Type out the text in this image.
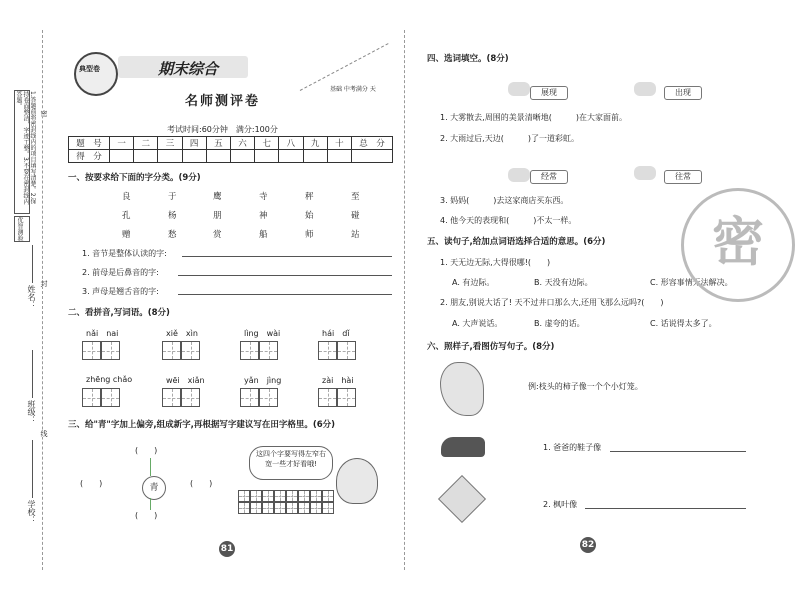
1.答题前将密封线内的项目填写清楚。2.保持卷面整洁，字迹工整。3.不要在密封线内答题。
优智测验
密
封
线
姓名：
班级：
学校：
典型卷	期末综合
基础 中考满分 天
名师测评卷
考试时间:60分钟　满分:100分
题　号	一	二	三	四	五	六	七	八	九	十	总　分
得　分											
一、按要求给下面的字分类。(9分)
良	于	鹰	寺	秤	至
孔	杨	朋	神	始	碰
赠	愁	赏	船	师	站
1. 音节是整体认读的字:
2. 前母是后鼻音的字:
3. 声母是翘舌音的字:
二、看拼音,写词语。(8分)
nǎi　nai	xiě　xìn	lìng　wài	hái　dǐ
zhēng chǎo	wēi　xiǎn	yǎn　jìng	zài　hài
三、给"青"字加上偏旁,组成新字,再根据写字建议写在田字格里。(6分)
青
(　　)
(　　)	(　　)
(　　)
这四个字要写得左窄右宽一些才好看哦!
81
四、选词填空。(8分)
展现	出现
1. 大雾散去,周围的美景清晰地(　　　)在大家面前。
2. 大雨过后,天边(　　　)了一道彩虹。
经常	往常
3. 妈妈(　　　)去这家商店买东西。
4. 他今天的表现和(　　　)不太一样。
五、读句子,给加点词语选择合适的意思。(6分)
1. 天无边无际,大得很哪!(　　)
A. 有边际。	B. 天没有边际。	C. 形容事情无法解决。
2. 朋友,别说大话了! 天不过井口那么大,还用飞那么远吗?(　　)
A. 大声说话。	B. 虚夸的话。	C. 话说得太多了。
六、照样子,看图仿写句子。(8分)
例:枝头的柿子像一个个小灯笼。
1. 爸爸的鞋子像
2. 枫叶像
密
82
